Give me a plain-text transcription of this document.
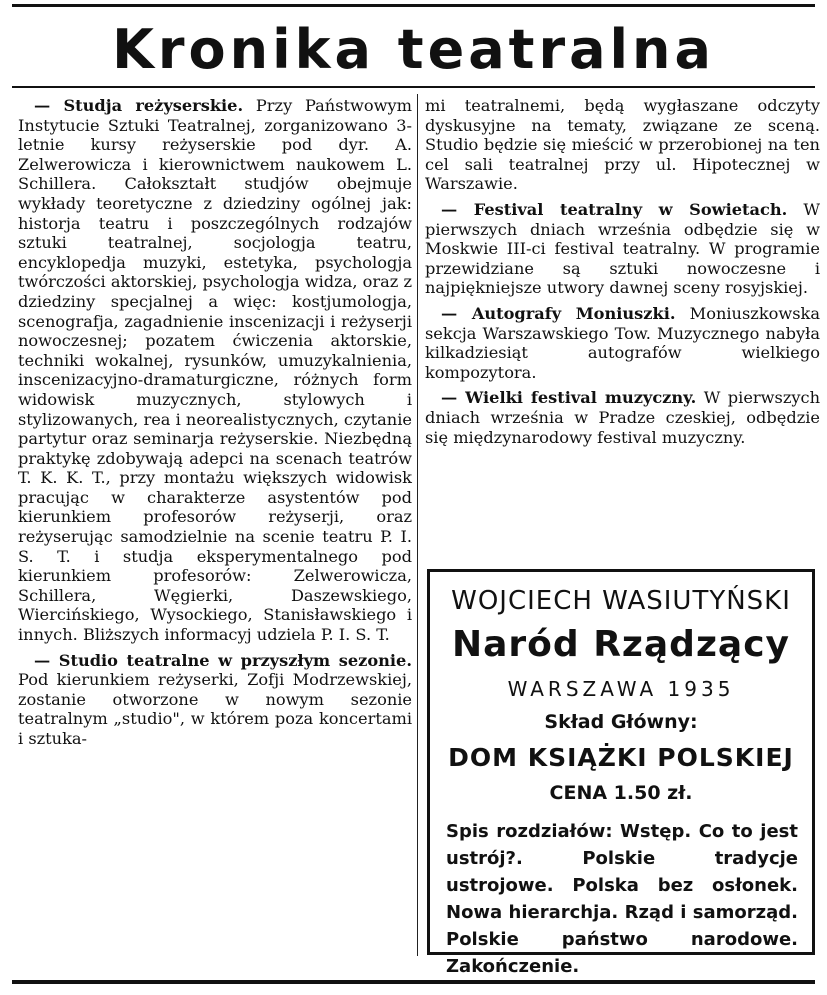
Kronika teatralna

— Studja reżyserskie. Przy Państwowym Instytucie Sztuki Teatralnej, zorganizowano 3-letnie kursy reżyserskie pod dyr. A. Zelwerowicza i kierownictwem naukowem L. Schillera. Całokształt studjów obejmuje wykłady teoretyczne z dziedziny ogólnej jak: historja teatru i poszczególnych rodzajów sztuki teatralnej, socjologja teatru, encyklopedja muzyki, estetyka, psychologja twórczości aktorskiej, psychologja widza, oraz z dziedziny specjalnej a więc: kostjumologja, scenografja, zagadnienie inscenizacji i reżyserji nowoczesnej; pozatem ćwiczenia aktorskie, techniki wokalnej, rysunków, umuzykalnienia, inscenizacyjno-dramaturgiczne, różnych form widowisk muzycznych, stylowych i stylizowanych, rea i neorealistycznych, czytanie partytur oraz seminarja reżyserskie. Niezbędną praktykę zdobywają adepci na scenach teatrów T. K. K. T., przy montażu większych widowisk pracując w charakterze asystentów pod kierunkiem profesorów reżyserji, oraz reżyserując samodzielnie na scenie teatru P. I. S. T. i studja eksperymentalnego pod kierunkiem profesorów: Zelwerowicza, Schillera, Węgierki, Daszewskiego, Wiercińskiego, Wysockiego, Stanisławskiego i innych. Bliższych informacyj udziela P. I. S. T.

— Studio teatralne w przyszłym sezonie. Pod kierunkiem reżyserki, Zofji Modrzewskiej, zostanie otworzone w nowym sezonie teatralnym „studio", w którem poza koncertami i sztuka-

mi teatralnemi, będą wygłaszane odczyty dyskusyjne na tematy, związane ze sceną. Studio będzie się mieścić w przerobionej na ten cel sali teatralnej przy ul. Hipotecznej w Warszawie.

— Festival teatralny w Sowietach. W pierwszych dniach września odbędzie się w Moskwie III-ci festival teatralny. W programie przewidziane są sztuki nowoczesne i najpiękniejsze utwory dawnej sceny rosyjskiej.

— Autografy Moniuszki. Moniuszkowska sekcja Warszawskiego Tow. Muzycznego nabyła kilkadziesiąt autografów wielkiego kompozytora.

— Wielki festival muzyczny. W pierwszych dniach września w Pradze czeskiej, odbędzie się międzynarodowy festival muzyczny.

WOJCIECH WASIUTYŃSKI
Naród Rządzący
WARSZAWA 1935
Skład Główny:
DOM KSIĄŻKI POLSKIEJ
CENA 1.50 zł.
Spis rozdziałów: Wstęp. Co to jest ustrój?. Polskie tradycje ustrojowe. Polska bez osłonek. Nowa hierarchja. Rząd i samorząd. Polskie państwo narodowe. Zakończenie.
